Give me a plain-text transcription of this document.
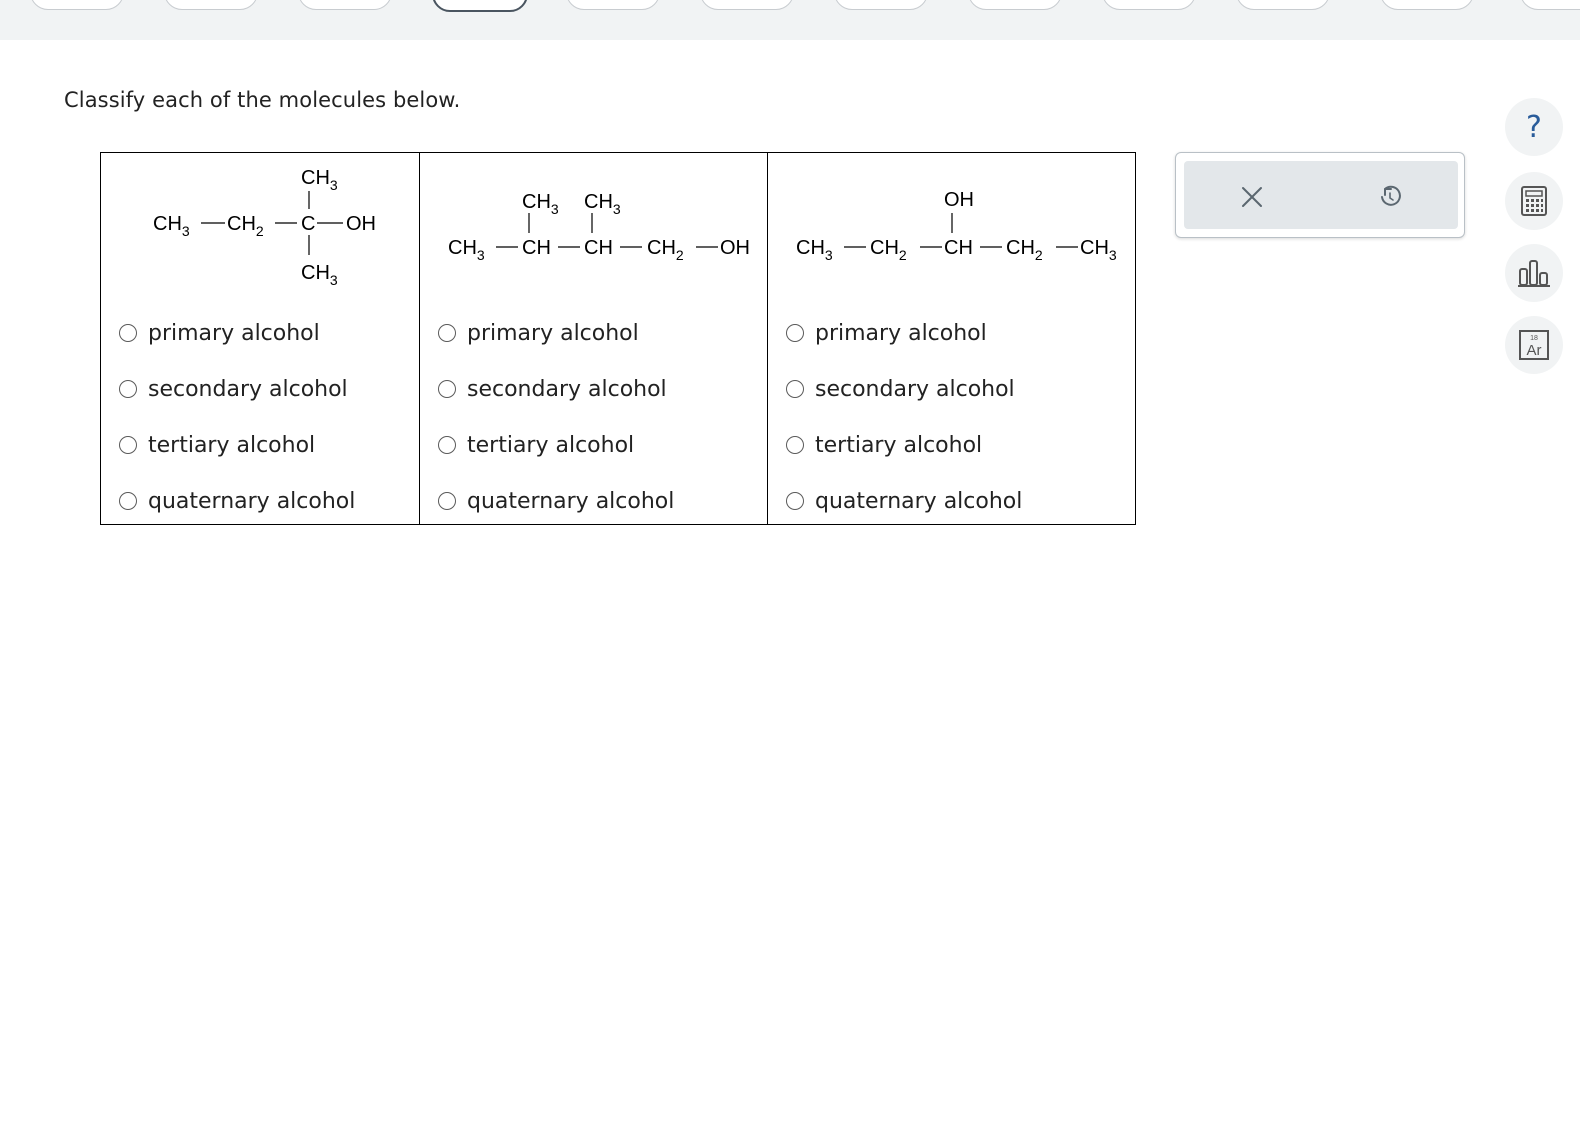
Classify each of the molecules below.
$CH_3$
$CH_3$ $CH_2$ C OH
$CH_3$
primary alcohol
secondary alcohol
tertiary alcohol
quaternary alcohol
$CH_3$ $CH_3$
$CH_3$ CH CH $CH_2$ OH
primary alcohol
secondary alcohol
tertiary alcohol
quaternary alcohol
OH
$CH_3$ $CH_2$ CH $CH_2$ $CH_3$
primary alcohol
secondary alcohol
tertiary alcohol
quaternary alcohol
?
18
Ar
